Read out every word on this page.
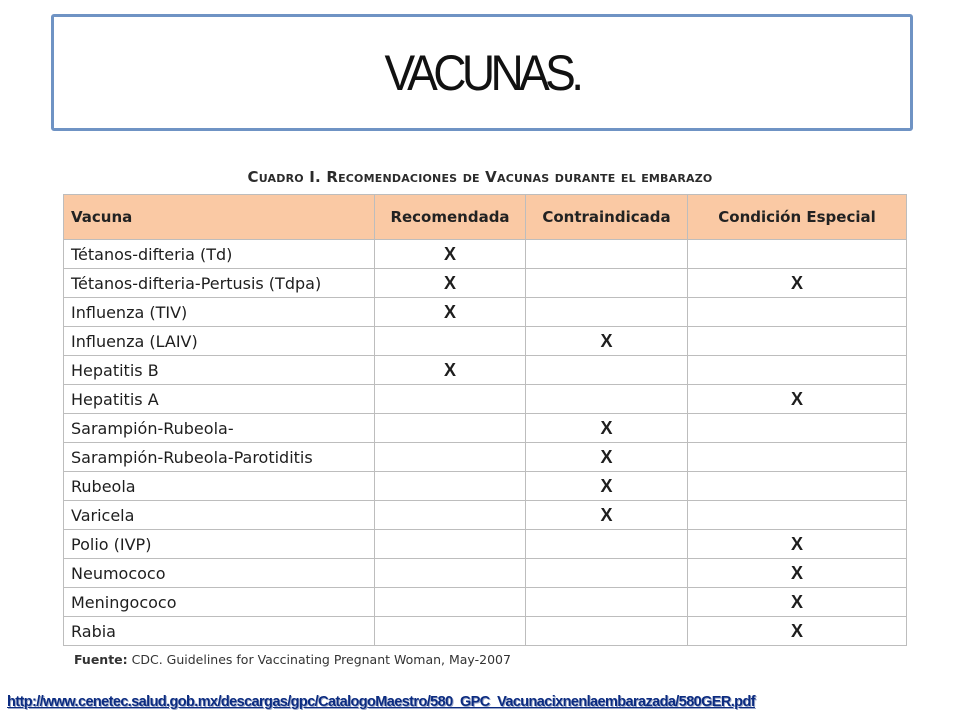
VACUNAS.
Cuadro I. Recomendaciones de Vacunas durante el embarazo
Vacuna	Recomendada	Contraindicada	Condición Especial
Tétanos-difteria (Td)	X		
Tétanos-difteria-Pertusis (Tdpa)	X		X
Influenza (TIV)	X		
Influenza (LAIV)		X	
Hepatitis B	X		
Hepatitis A			X
Sarampión-Rubeola-		X	
Sarampión-Rubeola-Parotiditis		X	
Rubeola		X	
Varicela		X	
Polio (IVP)			X
Neumococo			X
Meningococo			X
Rabia			X
Fuente: CDC. Guidelines for Vaccinating Pregnant Woman, May-2007
http://www.cenetec.salud.gob.mx/descargas/gpc/CatalogoMaestro/580_GPC_Vacunacixnenlaembarazada/580GER.pdf
